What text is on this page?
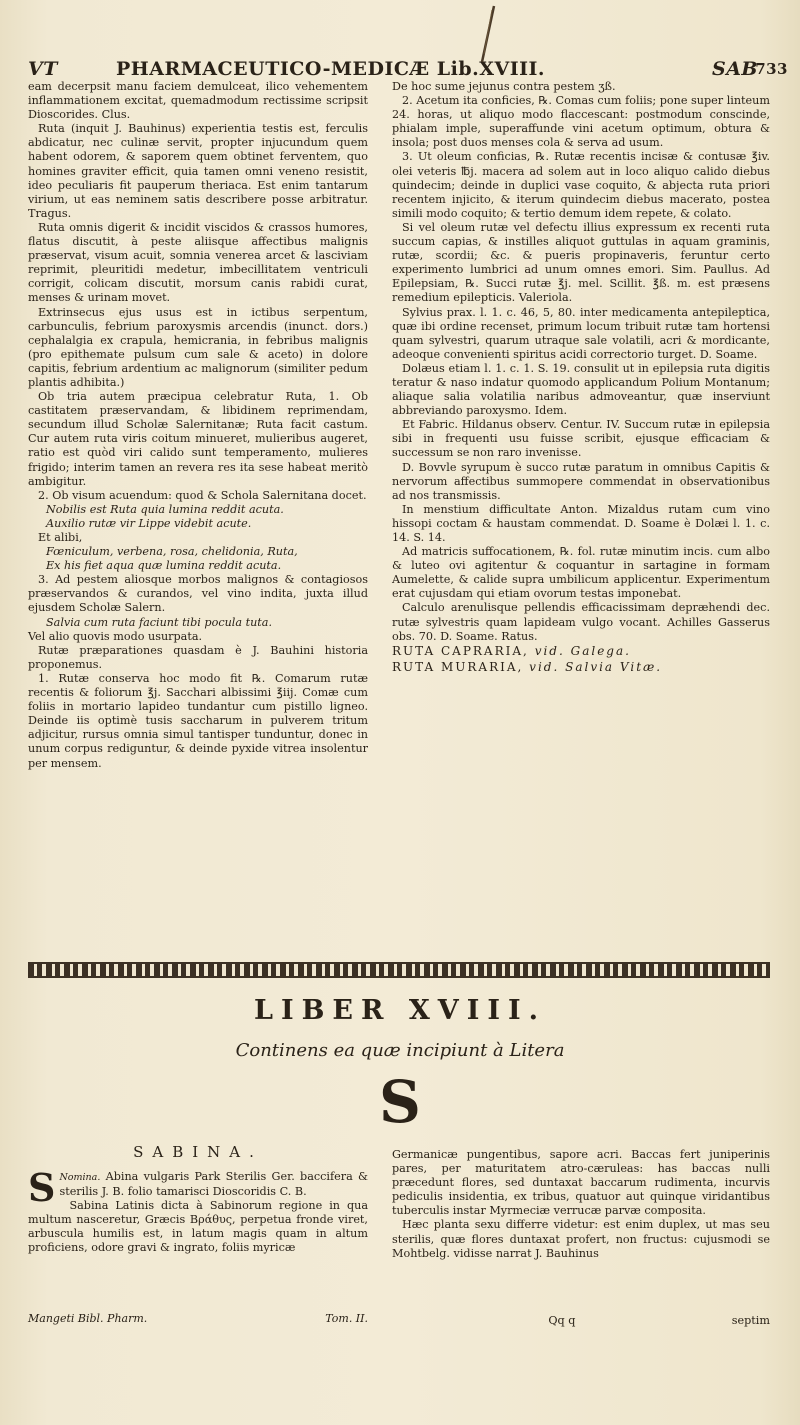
VT	PHARMACEUTICO-MEDICÆ Lib.XVIII.	SAB
733

eam decerpsit manu faciem demulceat, ilico vehementem inflammationem excitat, quemadmodum rectissime scripsit Dioscorides. Clus.

Ruta (inquit J. Bauhinus) experientia testis est, ferculis abdicatur, nec culinæ servit, propter injucundum quem habent odorem, & saporem quem obtinet ferventem, quo homines graviter efficit, quia tamen omni veneno resistit, ideo peculiaris fit pauperum theriaca. Est enim tantarum virium, ut eas neminem satis describere posse arbitratur. Tragus.

Ruta omnis digerit & incidit viscidos & crassos humores, flatus discutit, à peste aliisque affectibus malignis præservat, visum acuit, somnia venerea arcet & lasciviam reprimit, pleuritidi medetur, imbecillitatem ventriculi corrigit, colicam discutit, morsum canis rabidi curat, menses & urinam movet.

Extrinsecus ejus usus est in ictibus serpentum, carbunculis, febrium paroxysmis arcendis (inunct. dors.) cephalalgia ex crapula, hemicrania, in febribus malignis (pro epithemate pulsum cum sale & aceto) in dolore capitis, febrium ardentium ac malignorum (similiter pedum plantis adhibita.)

Ob tria autem præcipua celebratur Ruta, 1. Ob castitatem præservandam, & libidinem reprimendam, secundum illud Scholæ Salernitanæ; Ruta facit castum. Cur autem ruta viris coitum minueret, mulieribus augeret, ratio est quòd viri calido sunt temperamento, mulieres frigido; interim tamen an revera res ita sese habeat meritò ambigitur.

2. Ob visum acuendum: quod & Schola Salernitana docet.

Nobilis est Ruta quia lumina reddit acuta.

Auxilio rutæ vir Lippe videbit acute.

Et alibi,

Fœniculum, verbena, rosa, chelidonia, Ruta,

Ex his fiet aqua quæ lumina reddit acuta.

3. Ad pestem aliosque morbos malignos & contagiosos præservandos & curandos, vel vino indita, juxta illud ejusdem Scholæ Salern.

Salvia cum ruta faciunt tibi pocula tuta.

Vel alio quovis modo usurpata.

Rutæ præparationes quasdam è J. Bauhini historia proponemus.

1. Rutæ conserva hoc modo fit ℞. Comarum rutæ recentis & foliorum ℥j. Sacchari albissimi ℥iij. Comæ cum foliis in mortario lapideo tundantur cum pistillo ligneo. Deinde iis optimè tusis saccharum in pulverem tritum adjicitur, rursus omnia simul tantisper tunduntur, donec in unum corpus rediguntur, & deinde pyxide vitrea insolentur per mensem.

De hoc sume jejunus contra pestem ʒß.

2. Acetum ita conficies, ℞. Comas cum foliis; pone super linteum 24. horas, ut aliquo modo flaccescant: postmodum conscinde, phialam imple, superaffunde vini acetum optimum, obtura & insola; post duos menses cola & serva ad usum.

3. Ut oleum conficias, ℞. Rutæ recentis incisæ & contusæ ℥iv. olei veteris ℔j. macera ad solem aut in loco aliquo calido diebus quindecim; deinde in duplici vase coquito, & abjecta ruta priori recentem injicito, & iterum quindecim diebus macerato, postea simili modo coquito; & tertio demum idem repete, & colato.

Si vel oleum rutæ vel defectu illius expressum ex recenti ruta succum capias, & instilles aliquot guttulas in aquam graminis, rutæ, scordii; &c. & pueris propinaveris, feruntur certo experimento lumbrici ad unum omnes emori. Sim. Paullus. Ad Epilepsiam, ℞. Succi rutæ ℥j. mel. Scillit. ℥ß. m. est præsens remedium epilepticis. Valeriola.

Sylvius prax. l. 1. c. 46, 5, 80. inter medicamenta antepileptica, quæ ibi ordine recenset, primum locum tribuit rutæ tam hortensi quam sylvestri, quarum utraque sale volatili, acri & mordicante, adeoque convenienti spiritus acidi correctorio turget. D. Soame.

Dolæus etiam l. 1. c. 1. S. 19. consulit ut in epilepsia ruta digitis teratur & naso indatur quomodo applicandum Polium Montanum; aliaque salia volatilia naribus admoveantur, quæ inserviunt abbreviando paroxysmo. Idem.

Et Fabric. Hildanus observ. Centur. IV. Succum rutæ in epilepsia sibi in frequenti usu fuisse scribit, ejusque efficaciam & successum se non raro invenisse.

D. Bovvle syrupum è succo rutæ paratum in omnibus Capitis & nervorum affectibus summopere commendat in observationibus ad nos transmissis.

In menstium difficultate Anton. Mizaldus rutam cum vino hissopi coctam & haustam commendat. D. Soame è Dolæi l. 1. c. 14. S. 14.

Ad matricis suffocationem, ℞. fol. rutæ minutim incis. cum albo & luteo ovi agitentur & coquantur in sartagine in formam Aumelette, & calide supra umbilicum applicentur. Experimentum erat cujusdam qui etiam ovorum testas imponebat.

Calculo arenulisque pellendis efficacissimam depræhendi dec. rutæ sylvestris quam lapideam vulgo vocant. Achilles Gasserus obs. 70. D. Soame. Ratus.

RUTA CAPRARIA, vid. Galega.

RUTA MURARIA, vid. Salvia Vitæ.

LIBER XVIII.
Continens ea quæ incipiunt à Litera
S
SABINA.

Nomina.
S	Abina vulgaris Park Sterilis Ger. baccifera & sterilis J. B. folio tamarisci Dioscoridis C. B.

Sabina Latinis dicta à Sabinorum regione in qua multum nasceretur, Græcis Βράθυς, perpetua fronde viret, arbuscula humilis est, in latum magis quam in altum proficiens, odore gravi & ingrato, foliis myricæ

Mangeti Bibl. Pharm.	Tom. II.

Germanicæ pungentibus, sapore acri. Baccas fert juniperinis pares, per maturitatem atro-cæruleas: has baccas nulli præcedunt flores, sed duntaxat baccarum rudimenta, incurvis pediculis insidentia, ex tribus, quatuor aut quinque viridantibus tuberculis instar Myrmeciæ verrucæ parvæ composita.

Hæc planta sexu differre videtur: est enim duplex, ut mas seu sterilis, quæ flores duntaxat profert, non fructus: cujusmodi se Mohtbelg. vidisse narrat J. Bauhinus

Qq q	septim
